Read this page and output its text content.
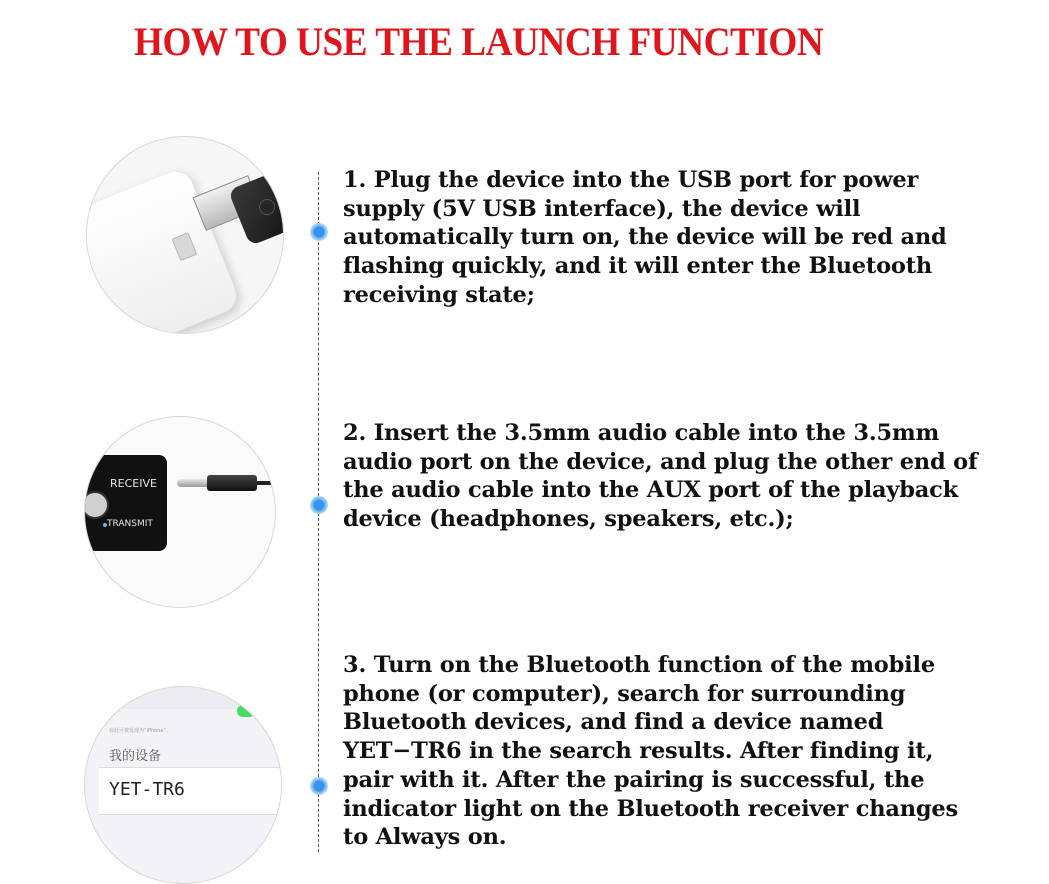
HOW TO USE THE LAUNCH FUNCTION
1. Plug the device into the USB port for power supply (5V USB interface), the device will automatically turn on, the device will be red and flashing quickly, and it will enter the Bluetooth receiving state;
RECEIVE
TRANSMIT
2. Insert the 3.5mm audio cable into the 3.5mm audio port on the device, and plug the other end of the audio cable into the AUX port of the playback device (headphones, speakers, etc.);
在此可被发现为“iPhone”。
我的设备
YET-TR6
3. Turn on the Bluetooth function of the mobile phone (or computer), search for surrounding Bluetooth devices, and find a device named YET−TR6 in the search results. After finding it, pair with it. After the pairing is successful, the indicator light on the Bluetooth receiver changes to Always on.
